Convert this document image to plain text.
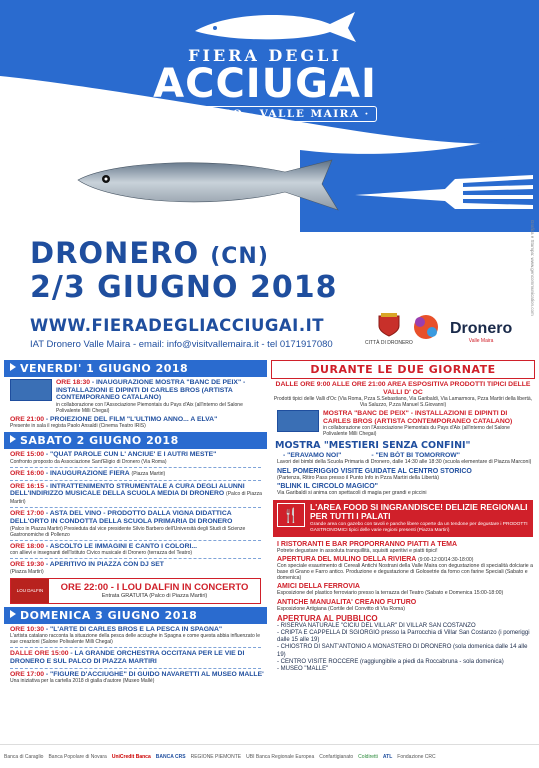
FIERA DEGLI
ACCIUGAI
· DRONERO - VALLE MAIRA ·
Grafica e Stampa: www.gencommunication.com
DRONERO (CN)
2/3 GIUGNO 2018
WWW.FIERADEGLIACCIUGAI.IT
IAT Dronero Valle Maira - email: info@visitvallemaira.it - tel 0171917080	CITTÀ DI DRONERO
Dronero
Valle Maira
VENERDI' 1 GIUGNO 2018
ORE 18:30 - INAUGURAZIONE MOSTRA "BANC DE PEIX" - INSTALLAZIONI E DIPINTI DI CARLES BROS (ARTISTA CONTEMPORANEO CATALANO)
in collaborazione con l'Associazione Piemontais du Pays d'Aix (all'interno del Salone Polivalente Milli Chegai)
ORE 21:00 - PROIEZIONE DEL FILM "L'ULTIMO ANNO... A ELVA"
Presente in sala il regista Paolo Ansaldi (Cinema Teatro IRIS)
SABATO 2 GIUGNO 2018
ORE 15:00 - "QUAT PAROLE CUN L' ANCIUE' E I AUTRI MESTE"
Confronto proposto da Associazione Sant'Eligio di Dronero (Via Roma)
ORE 16:00 - INAUGURAZIONE FIERA (Piazza Martiri)
ORE 16:15 - INTRATTENIMENTO STRUMENTALE A CURA DEGLI ALUNNI DELL'INDIRIZZO MUSICALE DELLA SCUOLA MEDIA DI DRONERO (Palco di Piazza Martiri)
ORE 17:00 - ASTA DEL VINO - PRODOTTO DALLA VIGNA DIDATTICA DELL'ORTO IN CONDOTTA DELLA SCUOLA PRIMARIA DI DRONERO
(Palco in Piazza Martiri) Presieduta dal vice presidente Silvio Barbero dell'Università degli Studi di Scienze Gastronomiche di Pollenzo
ORE 18:00 - ASCOLTO LE IMMAGINI E CANTO I COLORI...
con allievi e insegnanti dell'Istituto Civico musicale di Dronero (terrazza del Teatro)
ORE 19:30 - APERITIVO IN PIAZZA CON DJ SET
(Piazza Martiri)
LOU DALFIN	ORE 22:00 - I LOU DALFIN IN CONCERTO
Entrata GRATUITA (Palco di Piazza Martiri)
DOMENICA 3 GIUGNO 2018
ORE 10:30 - "L'ARTE DI CARLES BROS E LA PESCA IN SPAGNA"
L'artista catalano racconta la situazione della pesca delle acciughe in Spagna e come questa abbia influenzato le sue creazioni (Salone Polivalente Milli Chegai)
DALLE ORE 15:00 - LA GRANDE ORCHESTRA OCCITANA PER LE VIE DI DRONERO E SUL PALCO DI PIAZZA MARTIRI
ORE 17:00 - "FIGURE D'ACCIUGHE" DI GUIDO NAVARETTI AL MUSEO MALLE'
Una iniziativa per la cartella 2018 di gialla d'autore (Museo Mallé)
DURANTE LE DUE GIORNATE
DALLE ORE 9:00 ALLE ORE 21:00 AREA ESPOSITIVA PRODOTTI TIPICI DELLE VALLI D' OC
Prodotti tipici delle Valli d'Oc (Via Roma, Pzza S.Sebastiano, Via Garibaldi, Via Lamarmora, Pzza Martiri della libertà, Via Saluzzo, P.zza Manuel S.Giovanni)
MOSTRA "BANC DE PEIX" - INSTALLAZIONI E DIPINTI DI CARLES BROS (ARTISTA CONTEMPORANEO CATALANO)
in collaborazione con l'Associazione Piemontais du Pays d'Aix (all'interno del Salone Polivalente Milli Chegai)
MOSTRA "MESTIERI SENZA CONFINI"
- "ERAVAMO NOI"	- "EN BÒT BI TOMORROW"
Lavori dei bimbi della Scuola Primaria di Dronero, dalle 14:30 alle 18:30 (scuola elementare di Piazza Marconi)
NEL POMERIGGIO VISITE GUIDATE AL CENTRO STORICO
(Partenza, Ritiro Pass presso il Punto Info in Pzza Martiri della Libertà)
"BLINK IL CIRCOLO MAGICO"
Via Garibaldi si anima con spettacoli di magia per grandi e piccini
🍴	L'AREA FOOD SI INGRANDISCE! DELIZIE REGIONALI PER TUTTI I PALATI
Grande area con gazebo con tavoli e panche libere coperte da un tendone per degustare i PRODOTTI GASTRONOMICI tipici delle varie regioni presenti (Piazza Martiri)
I RISTORANTI E BAR PROPORRANNO PIATTI A TEMA
Potrete degustare in assoluta tranquillità, squisiti aperitivi e piatti tipici!
APERTURA DEL MULINO DELLA RIVIERA (9:00-12:00/14:30-18:00)
Con speciale esaurimento di Cereali Antichi Nostrani della Valle Maira con degustazione di specialità dolciarie a base di Grano e Farro antico. Produzione e degustazione di Golosetrie da forno con farine Speciali (Sabato e domenica)
AMICI DELLA FERROVIA
Esposizione del plastico ferroviario presso la terrazza del Teatro (Sabato e Domenica 15:00-18:00)
ANTICHE MANUALITA' CREANO FUTURO
Esposizione Artigiana (Cortile del Convitto di Via Roma)
APERTURA AL PUBBLICO
- RISERVA NATURALE "CICIU DEL VILLAR" DI VILLAR SAN COSTANZO
- CRIPTA E CAPPELLA DI SGIORGIO presso la Parrocchia di Villar San Costanzo (i pomeriggi dalle 15 alle 19)
- CHIOSTRO DI SANT'ANTONIO A MONASTERO DI DRONERO (sola domenica dalle 14 alle 19)
- CENTRO VISITE ROCCERE (raggiungibile a piedi da Roccabruna - sola domenica)
- MUSEO "MALLE"
Banca di Caraglio Banca Popolare di Novara UniCredit Banca BANCA CRS REGIONE PIEMONTE UBI Banca Regionale Europea Confartigianato Coldiretti ATL Fondazione CRC
